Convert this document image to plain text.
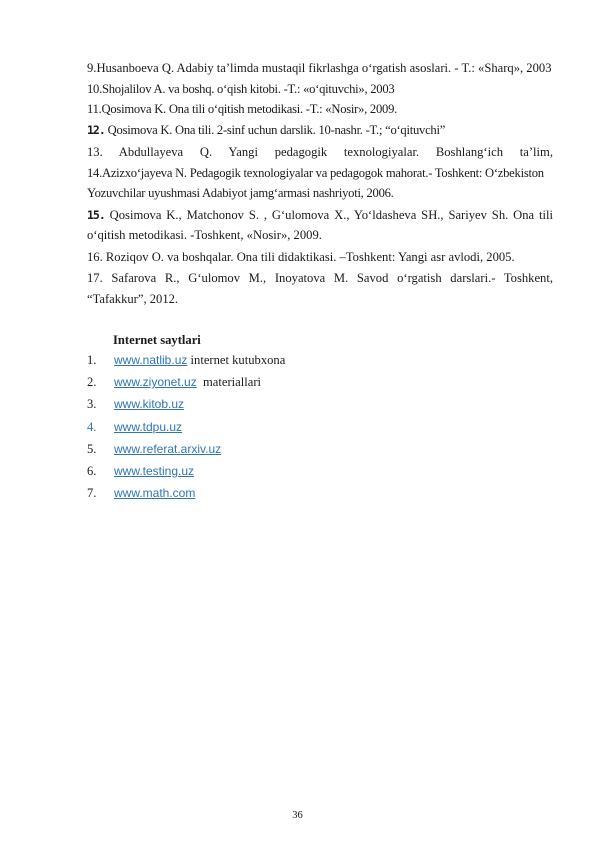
9.Husanboeva Q. Adabiy ta’limda mustaqil fikrlashga o‘rgatish asoslari. - T.: «Sharq», 2003

10.Shojalilov A. va boshq. o‘qish kitobi. -T.: «o‘qituvchi», 2003

11.Qosimova K. Ona tili o‘qitish metodikasi. -T.: «Nosir», 2009.

12. Qosimova K. Ona tili. 2-sinf uchun darslik. 10-nashr. -T.; “o‘qituvchi”

13. Abdullayeva Q. Yangi pedagogik texnologiyalar. Boshlang‘ich ta’lim,

14.Azizxo‘jayeva N. Pedagogik texnologiyalar va pedagogok mahorat.- Toshkent: O‘zbekiston Yozuvchilar uyushmasi Adabiyot jamg‘armasi nashriyoti, 2006.

15. Qosimova K., Matchonov S. , G‘ulomova X., Yo‘ldasheva SH., Sariyev Sh. Ona tili o‘qitish metodikasi. -Toshkent, «Nosir», 2009.

16. Roziqov O. va boshqalar. Ona tili didaktikasi. –Toshkent: Yangi asr avlodi, 2005.

17. Safarova R., G‘ulomov M., Inoyatova M. Savod o‘rgatish darslari.- Toshkent, “Tafakkur”, 2012.

Internet saytlari

1.	www.natlib.uz internet kutubxona
2.	www.ziyonet.uz materiallari
3.	www.kitob.uz
4.	www.tdpu.uz
5.	www.referat.arxiv.uz
6.	www.testing.uz
7.	www.math.com
36
